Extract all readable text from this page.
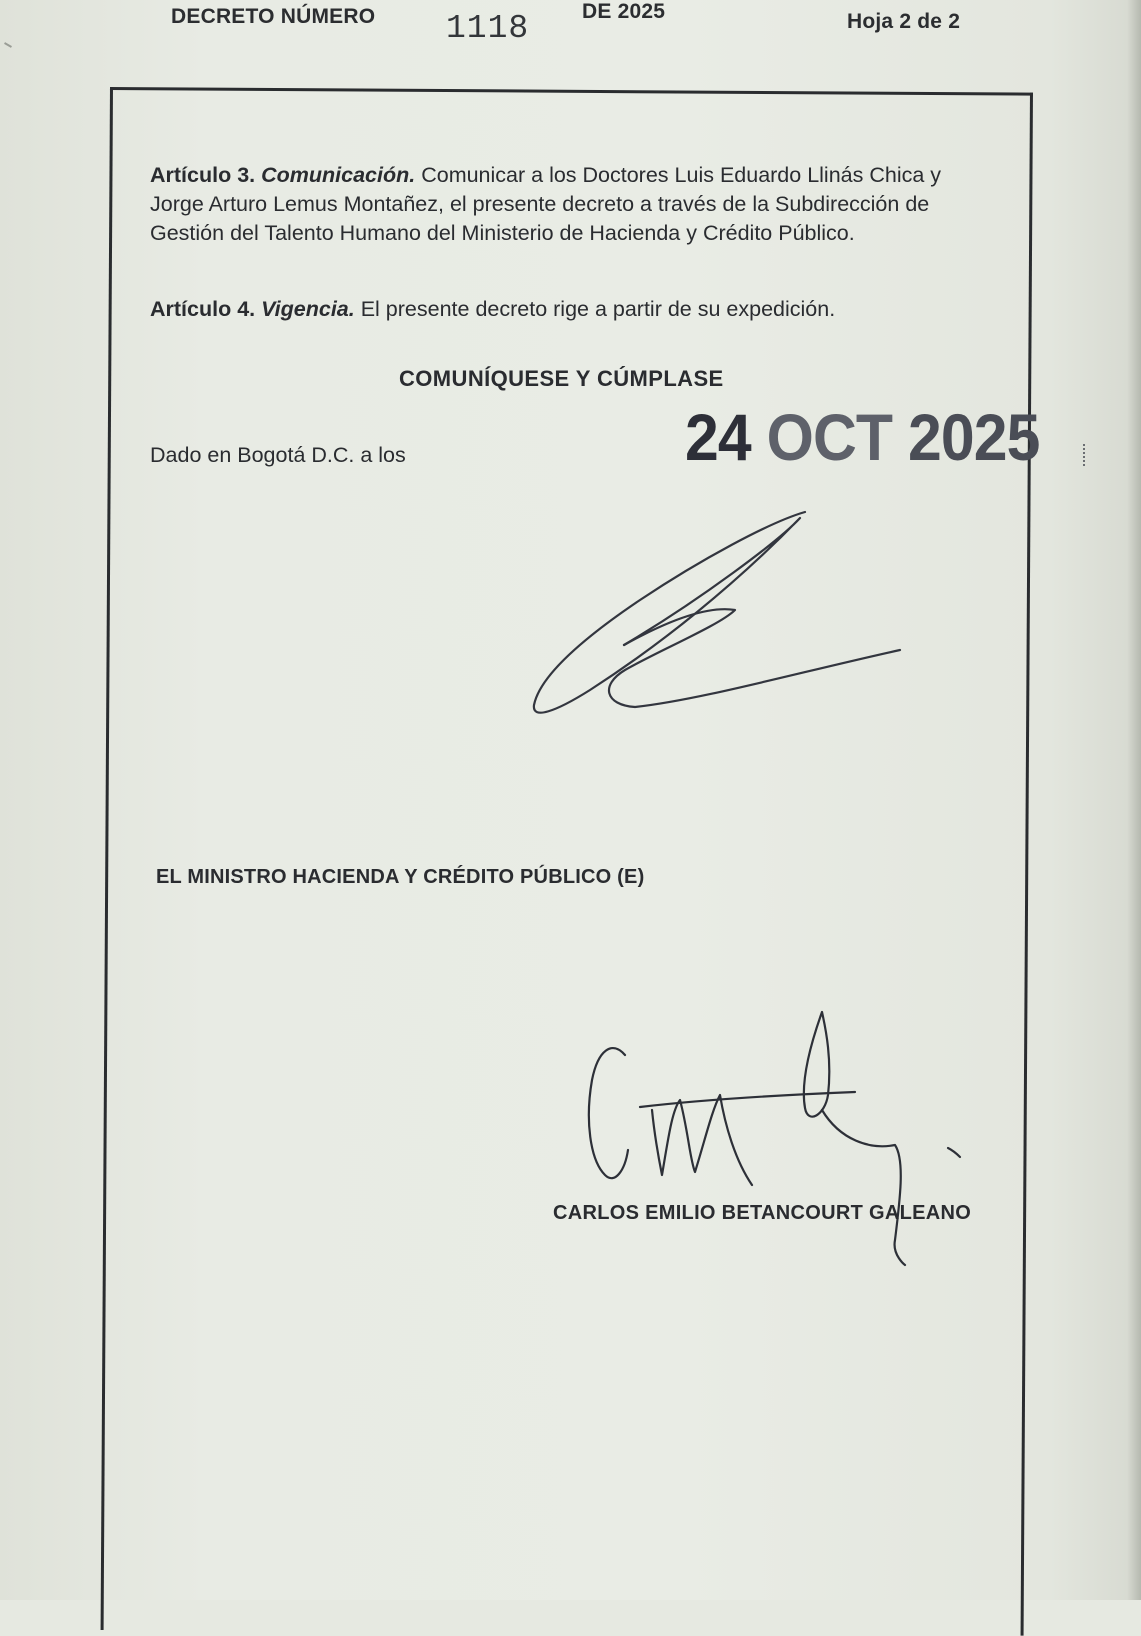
DECRETO NÚMERO 1118	DE 2025	Hoja 2 de 2
Artículo 3. Comunicación. Comunicar a los Doctores Luis Eduardo Llinás Chica y Jorge Arturo Lemus Montañez, el presente decreto a través de la Subdirección de Gestión del Talento Humano del Ministerio de Hacienda y Crédito Público.
Artículo 4. Vigencia. El presente decreto rige a partir de su expedición.
COMUNÍQUESE Y CÚMPLASE
Dado en Bogotá D.C. a los	24 OCT 2025
EL MINISTRO HACIENDA Y CRÉDITO PÚBLICO (E)
CARLOS EMILIO BETANCOURT GALEANO
